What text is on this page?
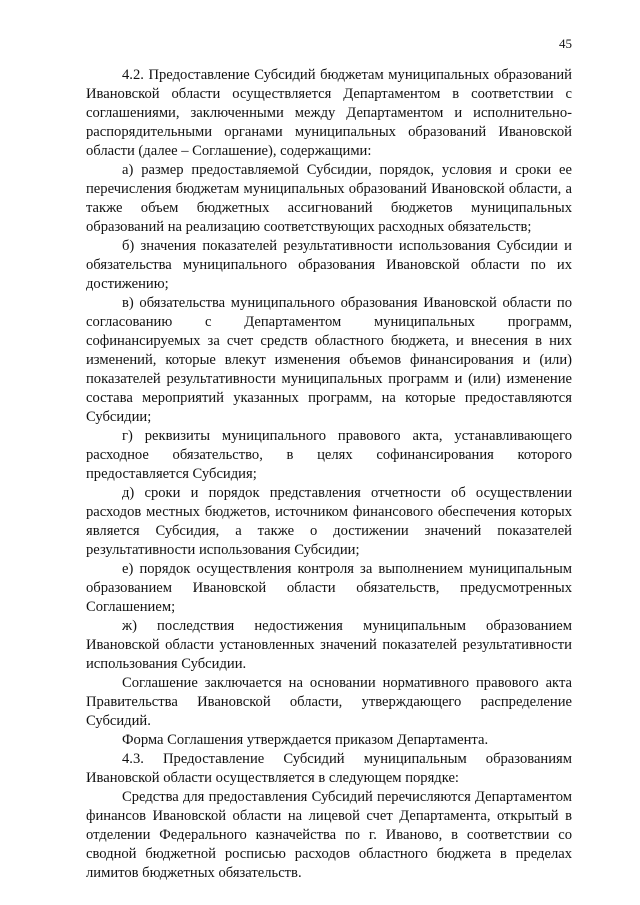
45

4.2. Предоставление Субсидий бюджетам муниципальных образований Ивановской области осуществляется Департаментом в соответствии с соглашениями, заключенными между Департаментом и исполнительно-распорядительными органами муниципальных образований Ивановской области (далее – Соглашение), содержащими:

а) размер предоставляемой Субсидии, порядок, условия и сроки ее перечисления бюджетам муниципальных образований Ивановской области, а также объем бюджетных ассигнований бюджетов муниципальных образований на реализацию соответствующих расходных обязательств;

б) значения показателей результативности использования Субсидии и обязательства муниципального образования Ивановской области по их достижению;

в) обязательства муниципального образования Ивановской области по согласованию с Департаментом муниципальных программ, софинансируемых за счет средств областного бюджета, и внесения в них изменений, которые влекут изменения объемов финансирования и (или) показателей результативности муниципальных программ и (или) изменение состава мероприятий указанных программ, на которые предоставляются Субсидии;

г) реквизиты муниципального правового акта, устанавливающего расходное обязательство, в целях софинансирования которого предоставляется Субсидия;

д) сроки и порядок представления отчетности об осуществлении расходов местных бюджетов, источником финансового обеспечения которых является Субсидия, а также о достижении значений показателей результативности использования Субсидии;

е) порядок осуществления контроля за выполнением муниципальным образованием Ивановской области обязательств, предусмотренных Соглашением;

ж) последствия недостижения муниципальным образованием Ивановской области установленных значений показателей результативности использования Субсидии.

Соглашение заключается на основании нормативного правового акта Правительства Ивановской области, утверждающего распределение Субсидий.

Форма Соглашения утверждается приказом Департамента.

4.3. Предоставление Субсидий муниципальным образованиям Ивановской области осуществляется в следующем порядке:

Средства для предоставления Субсидий перечисляются Департаментом финансов Ивановской области на лицевой счет Департамента, открытый в отделении Федерального казначейства по г. Иваново, в соответствии со сводной бюджетной росписью расходов областного бюджета в пределах лимитов бюджетных обязательств.
